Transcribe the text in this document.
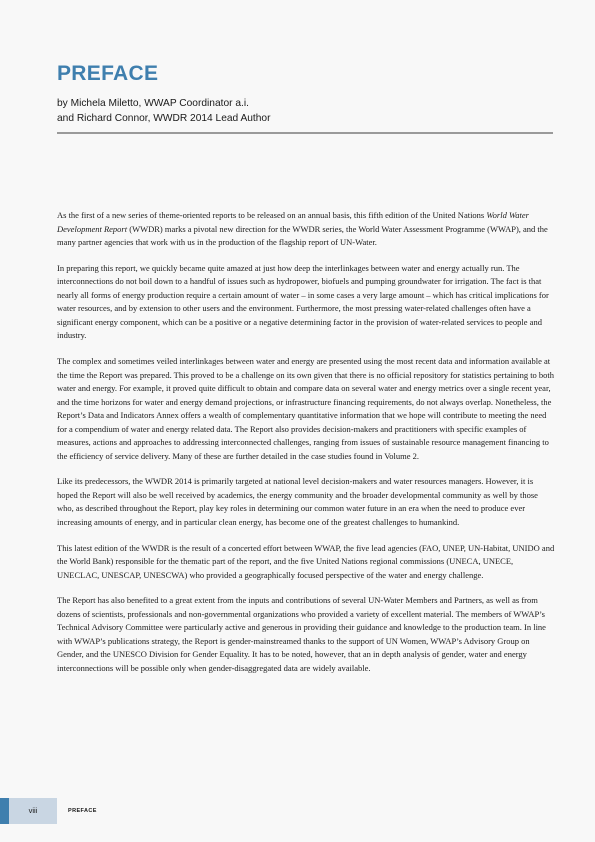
PREFACE
by Michela Miletto, WWAP Coordinator a.i.
and Richard Connor, WWDR 2014 Lead Author

As the first of a new series of theme-oriented reports to be released on an annual basis, this fifth edition of the United Nations World Water Development Report (WWDR) marks a pivotal new direction for the WWDR series, the World Water Assessment Programme (WWAP), and the many partner agencies that work with us in the production of the flagship report of UN-Water.

In preparing this report, we quickly became quite amazed at just how deep the interlinkages between water and energy actually run. The interconnections do not boil down to a handful of issues such as hydropower, biofuels and pumping groundwater for irrigation. The fact is that nearly all forms of energy production require a certain amount of water – in some cases a very large amount – which has critical implications for water resources, and by extension to other users and the environment. Furthermore, the most pressing water-related challenges often have a significant energy component, which can be a positive or a negative determining factor in the provision of water-related services to people and industry.

The complex and sometimes veiled interlinkages between water and energy are presented using the most recent data and information available at the time the Report was prepared. This proved to be a challenge on its own given that there is no official repository for statistics pertaining to both water and energy. For example, it proved quite difficult to obtain and compare data on several water and energy metrics over a single recent year, and the time horizons for water and energy demand projections, or infrastructure financing requirements, do not always overlap. Nonetheless, the Report’s Data and Indicators Annex offers a wealth of complementary quantitative information that we hope will contribute to meeting the need for a compendium of water and energy related data. The Report also provides decision-makers and practitioners with specific examples of measures, actions and approaches to addressing interconnected challenges, ranging from issues of sustainable resource management financing to the efficiency of service delivery. Many of these are further detailed in the case studies found in Volume 2.

Like its predecessors, the WWDR 2014 is primarily targeted at national level decision-makers and water resources managers. However, it is hoped the Report will also be well received by academics, the energy community and the broader developmental community as well by those who, as described throughout the Report, play key roles in determining our common water future in an era when the need to produce ever increasing amounts of energy, and in particular clean energy, has become one of the greatest challenges to humankind.

This latest edition of the WWDR is the result of a concerted effort between WWAP, the five lead agencies (FAO, UNEP, UN-Habitat, UNIDO and the World Bank) responsible for the thematic part of the report, and the five United Nations regional commissions (UNECA, UNECE, UNECLAC, UNESCAP, UNESCWA) who provided a geographically focused perspective of the water and energy challenge.

The Report has also benefited to a great extent from the inputs and contributions of several UN-Water Members and Partners, as well as from dozens of scientists, professionals and non-governmental organizations who provided a variety of excellent material. The members of WWAP’s Technical Advisory Committee were particularly active and generous in providing their guidance and knowledge to the production team. In line with WWAP’s publications strategy, the Report is gender-mainstreamed thanks to the support of UN Women, WWAP’s Advisory Group on Gender, and the UNESCO Division for Gender Equality. It has to be noted, however, that an in depth analysis of gender, water and energy interconnections will be possible only when gender-disaggregated data are widely available.

viii	PREFACE
